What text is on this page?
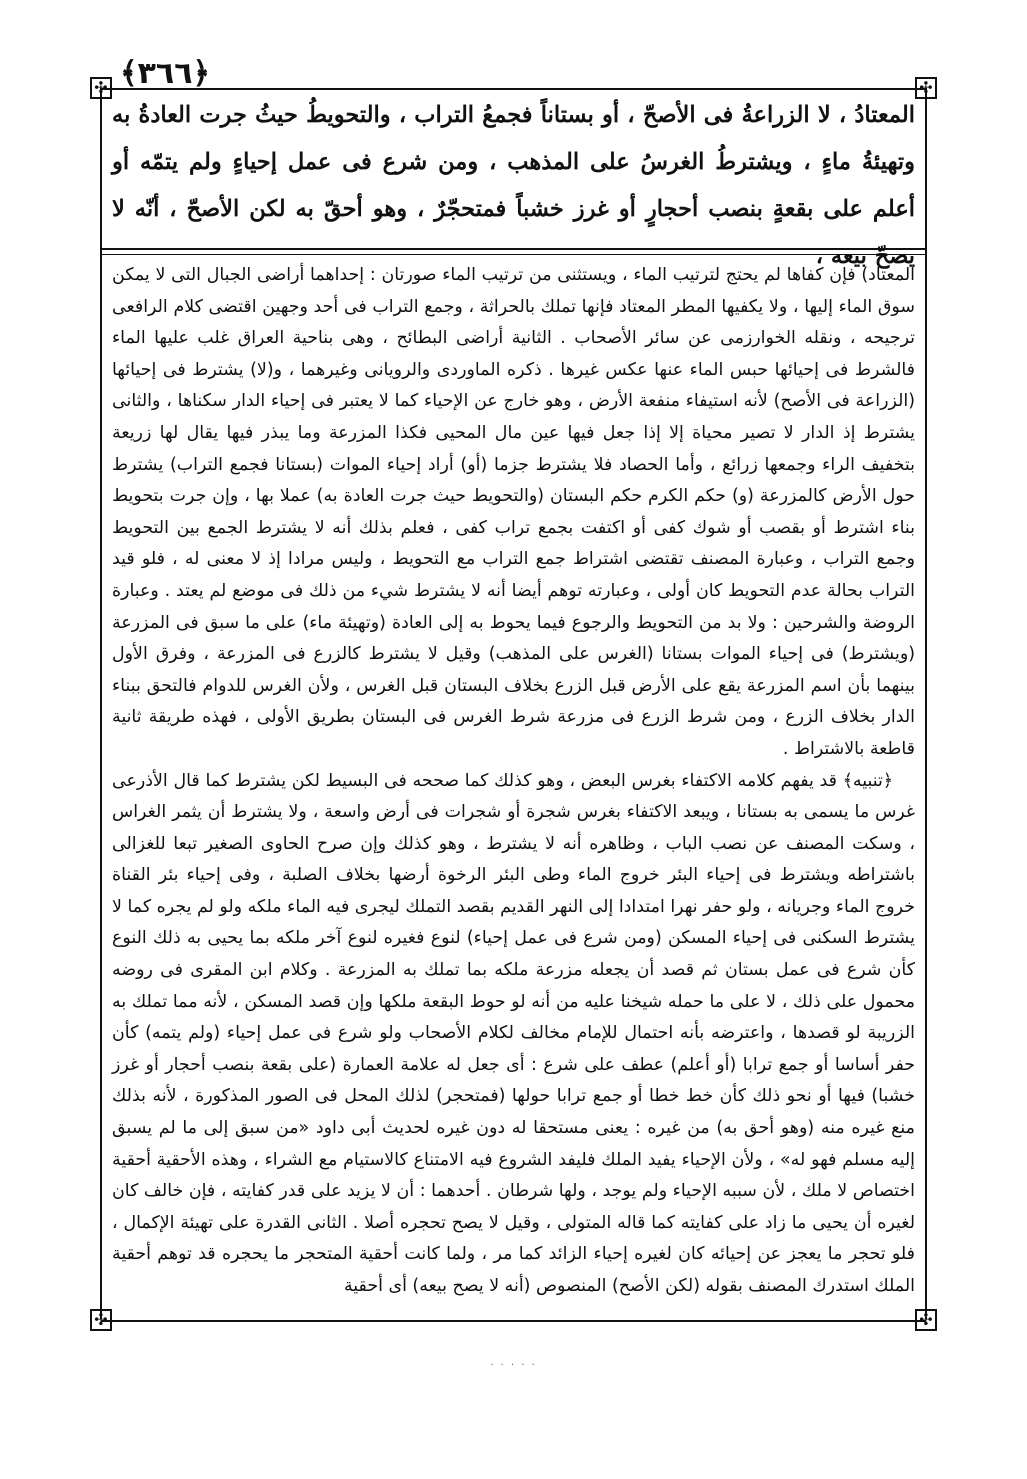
﴿٣٦٦﴾
✣	✣
✣	✣

المعتادُ ، لا الزراعةُ فى الأصحّ ، أو بستاناً فجمعُ التراب ، والتحويطُ حيثُ جرت العادةُ به وتهيئةُ ماءٍ ، ويشترطُ الغرسُ على المذهب ، ومن شرع فى عمل إحياءٍ ولم يتمّه أو أعلم على بقعةٍ بنصب أحجارٍ أو غرز خشباً فمتحجّرٌ ، وهو أحقّ به لكن الأصحّ ، أنّه لا يصحّ بيعه ،

المعتاد) فإن كفاها لم يحتج لترتيب الماء ، ويستثنى من ترتيب الماء صورتان : إحداهما أراضى الجبال التى لا يمكن سوق الماء إليها ، ولا يكفيها المطر المعتاد فإنها تملك بالحراثة ، وجمع التراب فى أحد وجهين اقتضى كلام الرافعى ترجيحه ، ونقله الخوارزمى عن سائر الأصحاب . الثانية أراضى البطائح ، وهى بناحية العراق غلب عليها الماء فالشرط فى إحيائها حبس الماء عنها عكس غيرها . ذكره الماوردى والرويانى وغيرهما ، و(لا) يشترط فى إحيائها (الزراعة فى الأصح) لأنه استيفاء منفعة الأرض ، وهو خارج عن الإحياء كما لا يعتبر فى إحياء الدار سكناها ، والثانى يشترط إذ الدار لا تصير محياة إلا إذا جعل فيها عين مال المحيى فكذا المزرعة وما يبذر فيها يقال لها زريعة بتخفيف الراء وجمعها زرائع ، وأما الحصاد فلا يشترط جزما (أو) أراد إحياء الموات (بستانا فجمع التراب) يشترط حول الأرض كالمزرعة (و) حكم الكرم حكم البستان (والتحويط حيث جرت العادة به) عملا بها ، وإن جرت بتحويط بناء اشترط أو بقصب أو شوك كفى أو اكتفت بجمع تراب كفى ، فعلم بذلك أنه لا يشترط الجمع بين التحويط وجمع التراب ، وعبارة المصنف تقتضى اشتراط جمع التراب مع التحويط ، وليس مرادا إذ لا معنى له ، فلو قيد التراب بحالة عدم التحويط كان أولى ، وعبارته توهم أيضا أنه لا يشترط شيء من ذلك فى موضع لم يعتد . وعبارة الروضة والشرحين : ولا بد من التحويط والرجوع فيما يحوط به إلى العادة (وتهيئة ماء) على ما سبق فى المزرعة (ويشترط) فى إحياء الموات بستانا (الغرس على المذهب) وقيل لا يشترط كالزرع فى المزرعة ، وفرق الأول بينهما بأن اسم المزرعة يقع على الأرض قبل الزرع بخلاف البستان قبل الغرس ، ولأن الغرس للدوام فالتحق ببناء الدار بخلاف الزرع ، ومن شرط الزرع فى مزرعة شرط الغرس فى البستان بطريق الأولى ، فهذه طريقة ثانية قاطعة بالاشتراط .

﴿تنبيه﴾ قد يفهم كلامه الاكتفاء بغرس البعض ، وهو كذلك كما صححه فى البسيط لكن يشترط كما قال الأذرعى غرس ما يسمى به بستانا ، ويبعد الاكتفاء بغرس شجرة أو شجرات فى أرض واسعة ، ولا يشترط أن يثمر الغراس ، وسكت المصنف عن نصب الباب ، وظاهره أنه لا يشترط ، وهو كذلك وإن صرح الحاوى الصغير تبعا للغزالى باشتراطه ويشترط فى إحياء البئر خروج الماء وطى البئر الرخوة أرضها بخلاف الصلبة ، وفى إحياء بئر القناة خروج الماء وجريانه ، ولو حفر نهرا امتدادا إلى النهر القديم بقصد التملك ليجرى فيه الماء ملكه ولو لم يجره كما لا يشترط السكنى فى إحياء المسكن (ومن شرع فى عمل إحياء) لنوع فغيره لنوع آخر ملكه بما يحيى به ذلك النوع كأن شرع فى عمل بستان ثم قصد أن يجعله مزرعة ملكه بما تملك به المزرعة . وكلام ابن المقرى فى روضه محمول على ذلك ، لا على ما حمله شيخنا عليه من أنه لو حوط البقعة ملكها وإن قصد المسكن ، لأنه مما تملك به الزريبة لو قصدها ، واعترضه بأنه احتمال للإمام مخالف لكلام الأصحاب ولو شرع فى عمل إحياء (ولم يتمه) كأن حفر أساسا أو جمع ترابا (أو أعلم) عطف على شرع : أى جعل له علامة العمارة (على بقعة بنصب أحجار أو غرز خشبا) فيها أو نحو ذلك كأن خط خطا أو جمع ترابا حولها (فمتحجر) لذلك المحل فى الصور المذكورة ، لأنه بذلك منع غيره منه (وهو أحق به) من غيره : يعنى مستحقا له دون غيره لحديث أبى داود «من سبق إلى ما لم يسبق إليه مسلم فهو له» ، ولأن الإحياء يفيد الملك فليفد الشروع فيه الامتناع كالاستيام مع الشراء ، وهذه الأحقية أحقية اختصاص لا ملك ، لأن سببه الإحياء ولم يوجد ، ولها شرطان . أحدهما : أن لا يزيد على قدر كفايته ، فإن خالف كان لغيره أن يحيى ما زاد على كفايته كما قاله المتولى ، وقيل لا يصح تحجره أصلا . الثانى القدرة على تهيئة الإكمال ، فلو تحجر ما يعجز عن إحيائه كان لغيره إحياء الزائد كما مر ، ولما كانت أحقية المتحجر ما يحجره قد توهم أحقية الملك استدرك المصنف بقوله (لكن الأصح) المنصوص (أنه لا يصح بيعه) أى أحقية

· · · · ·
